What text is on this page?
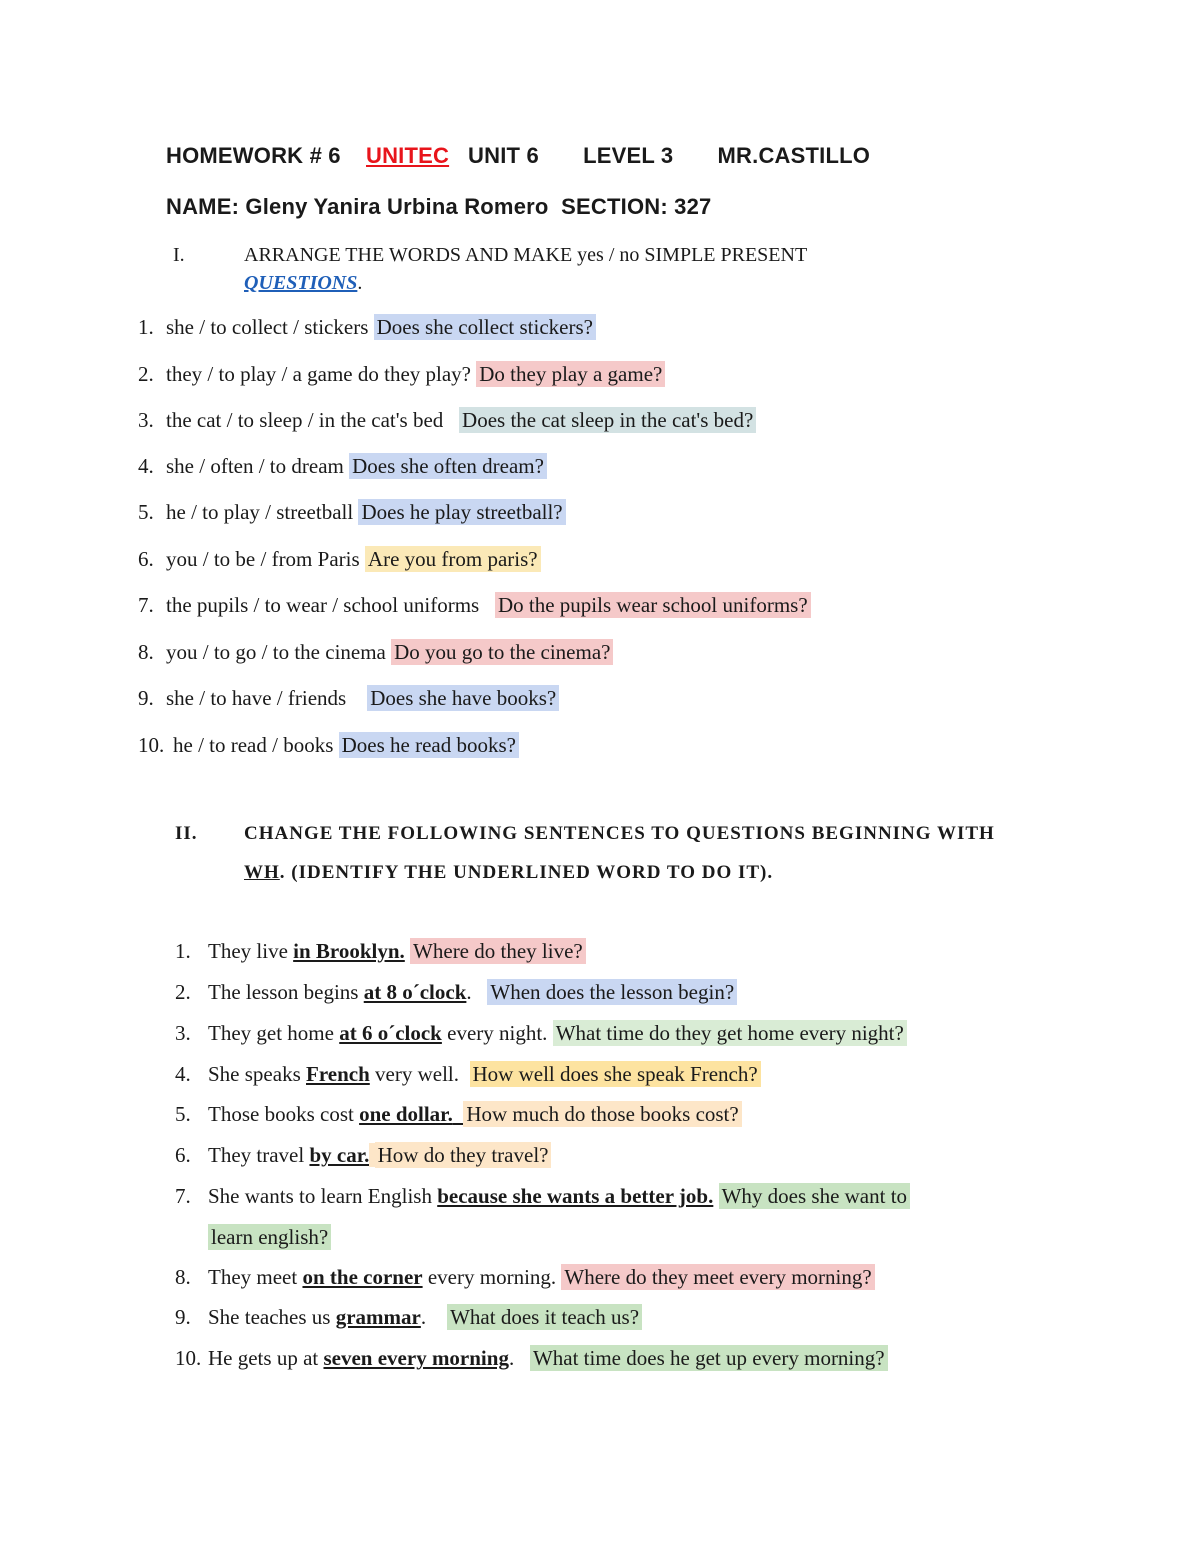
HOMEWORK # 6 UNITEC UNIT 6 LEVEL 3 MR.CASTILLO
NAME: Gleny Yanira Urbina Romero  SECTION: 327
I.	ARRANGE THE WORDS AND MAKE yes / no SIMPLE PRESENT
QUESTIONS.
1. she / to collect / stickers Does she collect stickers?
2. they / to play / a game do they play? Do they play a game?
3. the cat / to sleep / in the cat's bed   Does the cat sleep in the cat's bed?
4. she / often / to dream Does she often dream?
5. he / to play / streetball Does he play streetball?
6. you / to be / from Paris Are you from paris?
7. the pupils / to wear / school uniforms   Do the pupils wear school uniforms?
8. you / to go / to the cinema Do you go to the cinema?
9. she / to have / friends    Does she have books?
10. he / to read / books Does he read books?
II. CHANGE THE FOLLOWING SENTENCES TO QUESTIONS BEGINNING WITH
WH. (IDENTIFY THE UNDERLINED WORD TO DO IT).
1. They live in Brooklyn. Where do they live?
2. The lesson begins at 8 o´clock.   When does the lesson begin?
3. They get home at 6 o´clock every night. What time do they get home every night?
4. She speaks French very well.  How well does she speak French?
5. Those books cost one dollar. How much do those books cost?
6. They travel by car. How do they travel?
7. She wants to learn English because she wants a better job. Why does she want to
learn english?
8. They meet on the corner every morning. Where do they meet every morning?
9. She teaches us grammar.    What does it teach us?
10. He gets up at seven every morning.   What time does he get up every morning?
